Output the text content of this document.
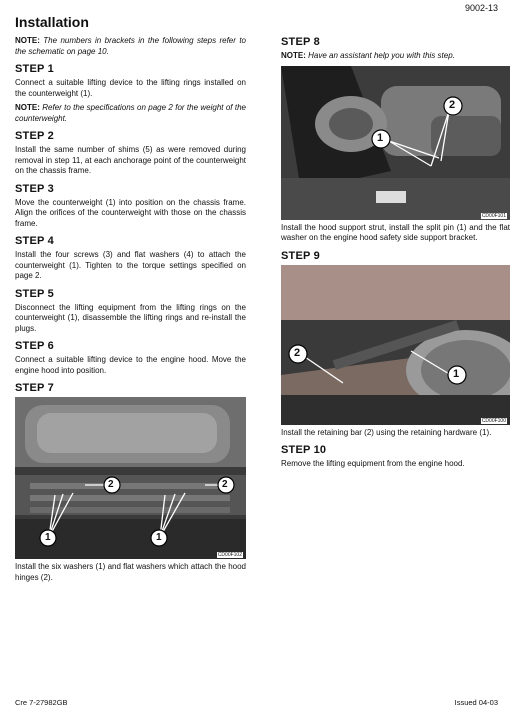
9002-13
Installation

NOTE: The numbers in brackets in the following steps refer to the schematic on page 10.

STEP 1

Connect a suitable lifting device to the lifting rings installed on the counterweight (1).

NOTE: Refer to the specifications on page 2 for the weight of the counterweight.

STEP 2

Install the same number of shims (5) as were removed during removal in step 11, at each anchorage point of the counterweight on the chassis frame.

STEP 3

Move the counterweight (1) into position on the chassis frame. Align the orifices of the counterweight with those on the chassis frame.

STEP 4

Install the four screws (3) and flat washers (4) to attach the counterweight (1). Tighten to the torque settings specified on page 2.

STEP 5

Disconnect the lifting equipment from the lifting rings on the counterweight (1), disassemble the lifting rings and re-install the plugs.

STEP 6

Connect a suitable lifting device to the engine hood. Move the engine hood into position.

STEP 7
2	2
1	1
CD00F102

Install the six washers (1) and flat washers which attach the hood hinges (2).

STEP 8

NOTE: Have an assistant help you with this step.

1
2
CD00F101

Install the hood support strut, install the split pin (1) and the flat washer on the engine hood safety side support bracket.

STEP 9
2
1
CD00F100

Install the retaining bar (2) using the retaining hardware (1).

STEP 10

Remove the lifting equipment from the engine hood.

Cre 7-27982GB	Issued 04-03
